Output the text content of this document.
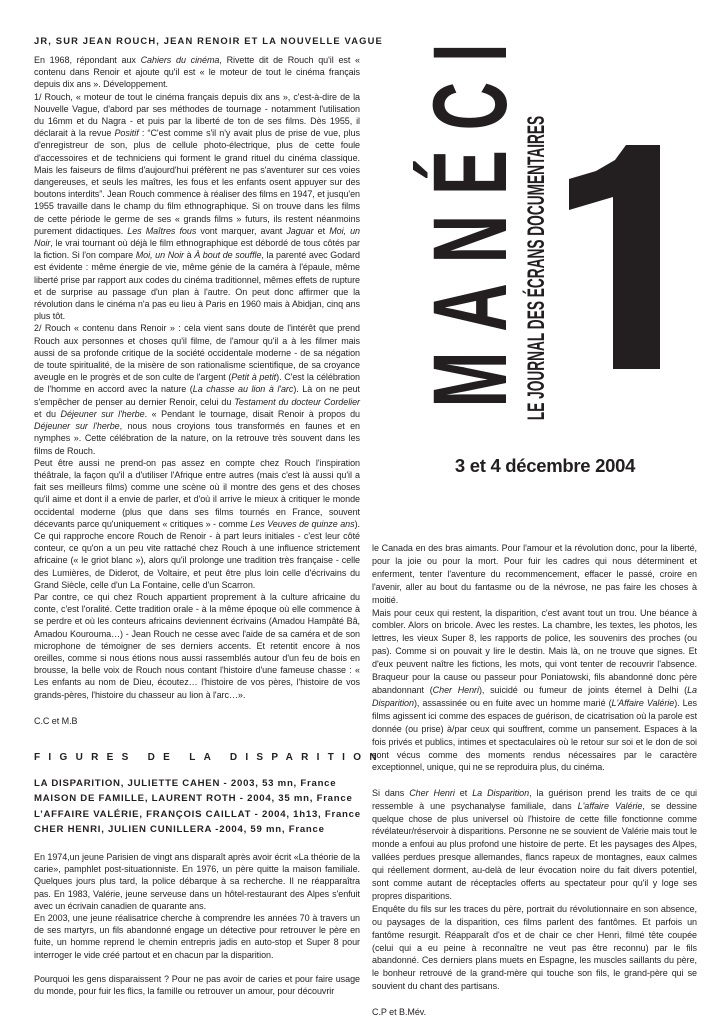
JR, SUR JEAN ROUCH, JEAN RENOIR ET LA NOUVELLE VAGUE

En 1968, répondant aux Cahiers du cinéma, Rivette dit de Rouch qu'il est « contenu dans Renoir et ajoute qu'il est « le moteur de tout le cinéma français depuis dix ans ». Développement.

1/ Rouch, « moteur de tout le cinéma français depuis dix ans », c'est-à-dire de la Nouvelle Vague, d'abord par ses méthodes de tournage - notamment l'utilisation du 16mm et du Nagra - et puis par la liberté de ton de ses films. Dès 1955, il déclarait à la revue Positif : “C'est comme s'il n'y avait plus de prise de vue, plus d'enregistreur de son, plus de cellule photo-électrique, plus de cette foule d'accessoires et de techniciens qui forment le grand rituel du cinéma classique. Mais les faiseurs de films d'aujourd'hui préfèrent ne pas s'aventurer sur ces voies dangereuses, et seuls les maîtres, les fous et les enfants osent appuyer sur des boutons interdits”. Jean Rouch commence à réaliser des films en 1947, et jusqu'en 1955 travaille dans le champ du film ethnographique. Si on trouve dans les films de cette période le germe de ses « grands films » futurs, ils restent néanmoins purement didactiques. Les Maîtres fous vont marquer, avant Jaguar et Moi, un Noir, le vrai tournant où déjà le film ethnographique est débordé de tous côtés par la fiction. Si l'on compare Moi, un Noir à À bout de souffle, la parenté avec Godard est évidente : même énergie de vie, même génie de la caméra à l'épaule, même liberté prise par rapport aux codes du cinéma traditionnel, mêmes effets de rupture et de surprise au passage d'un plan à l'autre. On peut donc affirmer que la révolution dans le cinéma n'a pas eu lieu à Paris en 1960 mais à Abidjan, cinq ans plus tôt.

2/ Rouch « contenu dans Renoir » : cela vient sans doute de l'intérêt que prend Rouch aux personnes et choses qu'il filme, de l'amour qu'il a à les filmer mais aussi de sa profonde critique de la société occidentale moderne - de sa négation de toute spiritualité, de la misère de son rationalisme scientifique, de sa croyance aveugle en le progrès et de son culte de l'argent (Petit à petit). C'est la célébration de l'homme en accord avec la nature (La chasse au lion à l'arc). Là on ne peut s'empêcher de penser au dernier Renoir, celui du Testament du docteur Cordelier et du Déjeuner sur l'herbe. « Pendant le tournage, disait Renoir à propos du Déjeuner sur l'herbe, nous nous croyions tous transformés en faunes et en nymphes ». Cette célébration de la nature, on la retrouve très souvent dans les films de Rouch.

Peut être aussi ne prend-on pas assez en compte chez Rouch l'inspiration théâtrale, la façon qu'il a d'utiliser l'Afrique entre autres (mais c'est là aussi qu'il a fait ses meilleurs films) comme une scène où il montre des gens et des choses qu'il aime et dont il a envie de parler, et d'où il arrive le mieux à critiquer le monde occidental moderne (plus que dans ses films tournés en France, souvent décevants parce qu'uniquement « critiques » - comme Les Veuves de quinze ans). Ce qui rapproche encore Rouch de Renoir - à part leurs initiales - c'est leur côté conteur, ce qu'on a un peu vite rattaché chez Rouch à une influence strictement africaine (« le griot blanc »), alors qu'il prolonge une tradition très française - celle des Lumières, de Diderot, de Voltaire, et peut être plus loin celle d'écrivains du Grand Siècle, celle d'un La Fontaine, celle d'un Scarron.

Par contre, ce qui chez Rouch appartient proprement à la culture africaine du conte, c'est l'oralité. Cette tradition orale - à la même époque où elle commence à se perdre et où les conteurs africains deviennent écrivains (Amadou Hampâté Bâ, Amadou Kourouma…) - Jean Rouch ne cesse avec l'aide de sa caméra et de son microphone de témoigner de ses derniers accents. Et retentit encore à nos oreilles, comme si nous étions nous aussi rassemblés autour d'un feu de bois en brousse, la belle voix de Rouch nous contant l'histoire d'une fameuse chasse : « Les enfants au nom de Dieu, écoutez… l'histoire de vos pères, l'histoire de vos grands-pères, l'histoire du chasseur au lion à l'arc…».

C.C et M.B

FIGURES DE LA DISPARITION
LA DISPARITION, JULIETTE CAHEN - 2003, 53 mn, France
MAISON DE FAMILLE, LAURENT ROTH - 2004, 35 mn, France
L’AFFAIRE VALÉRIE, FRANÇOIS CAILLAT - 2004, 1h13, France
CHER HENRI, JULIEN CUNILLERA -2004, 59 mn, France

En 1974,un jeune Parisien de vingt ans disparaît après avoir écrit «La théorie de la carie», pamphlet post-situationniste. En 1976, un père quitte la maison familiale. Quelques jours plus tard, la police débarque à sa recherche. Il ne réapparaîtra pas. En 1983, Valérie, jeune serveuse dans un hôtel-restaurant des Alpes s'enfuit avec un écrivain canadien de quarante ans.

En 2003, une jeune réalisatrice cherche à comprendre les années 70 à travers un de ses martyrs, un fils abandonné engage un détective pour retrouver le père en fuite, un homme reprend le chemin entrepris jadis en auto-stop et Super 8 pour interroger le vide créé partout et en chacun par la disparition.

Pourquoi les gens disparaissent ? Pour ne pas avoir de caries et pour faire usage du monde, pour fuir les flics, la famille ou retrouver un amour, pour découvrir

MANÉCI
LE JOURNAL DES ÉCRANS DOCUMENTAIRES
3 et 4 décembre 2004

le Canada en des bras aimants. Pour l'amour et la révolution donc, pour la liberté, pour la joie ou pour la mort. Pour fuir les cadres qui nous déterminent et enferment, tenter l'aventure du recommencement, effacer le passé, croire en l'avenir, aller au bout du fantasme ou de la névrose, ne pas faire les choses à moitié.

Mais pour ceux qui restent, la disparition, c'est avant tout un trou. Une béance à combler. Alors on bricole. Avec les restes. La chambre, les textes, les photos, les lettres, les vieux Super 8, les rapports de police, les souvenirs des proches (ou pas). Comme si on pouvait y lire le destin. Mais là, on ne trouve que signes. Et d'eux peuvent naître les fictions, les mots, qui vont tenter de recouvrir l'absence. Braqueur pour la cause ou passeur pour Poniatowski, fils abandonné donc père abandonnant (Cher Henri), suicidé ou fumeur de joints éternel à Delhi (La Disparition), assassinée ou en fuite avec un homme marié (L'Affaire Valérie). Les films agissent ici comme des espaces de guérison, de cicatrisation où la parole est donnée (ou prise) à/par ceux qui souffrent, comme un pansement. Espaces à la fois privés et publics, intimes et spectaculaires où le retour sur soi et le don de soi sont vécus comme des moments rendus nécessaires par le caractère exceptionnel, unique, qui ne se reproduira plus, du cinéma.

Si dans Cher Henri et La Disparition, la guérison prend les traits de ce qui ressemble à une psychanalyse familiale, dans L'affaire Valérie, se dessine quelque chose de plus universel où l'histoire de cette fille fonctionne comme révélateur/réservoir à disparitions. Personne ne se souvient de Valérie mais tout le monde a enfoui au plus profond une histoire de perte. Et les paysages des Alpes, vallées perdues presque allemandes, flancs rapeux de montagnes, eaux calmes qui réellement dorment, au-delà de leur évocation noire du fait divers potentiel, sont comme autant de réceptacles offerts au spectateur pour qu'il y loge ses propres disparitions.

Enquête du fils sur les traces du père, portrait du révolutionnaire en son absence, ou paysages de la disparition, ces films parlent des fantômes. Et parfois un fantôme resurgit. Réapparaît d'os et de chair ce cher Henri, filmé tête coupée (celui qui a eu peine à reconnaître ne veut pas être reconnu) par le fils abandonné. Ces derniers plans muets en Espagne, les muscles saillants du père, le bonheur retrouvé de la grand-mère qui touche son fils, le grand-père qui se souvient du chant des partisans.

C.P et B.Mév.
